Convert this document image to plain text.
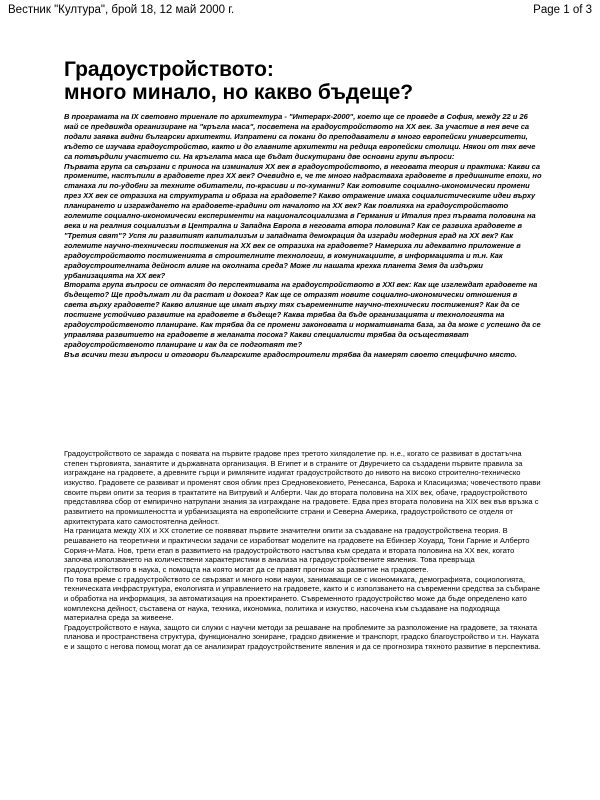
Вестник "Култура", брой 18, 12 май 2000 г.	Page 1 of 3
Градоустройството:
много минало, но какво бъдеще?

В програмата на IX световно триенале по архитектура - "Интерарх-2000", което ще се проведе в София, между 22 и 26 май се предвижда организиране на "кръгла маса", посветена на градоустройството на ХХ век. За участие в нея вече са подали заявка видни български архитекти. Изпратени са покани до преподаватели в много европейски университети, където се изучава градоустройство, както и до главните архитекти на редица европейски столици. Някои от тях вече са потвърдили участието си. На кръглата маса ще бъдат дискутирани две основни групи въпроси:

Първата група са свързани с приноса на изминалия ХХ век в градоустройството, в неговата теория и практика: Какви са промените, настъпили в градовете през ХХ век? Очевидно е, че те много надрастваха градовете в предишните епохи, но станаха ли по-удобни за техните обитатели, по-красиви и по-хуманни? Как готовите социално-икономически промени през ХХ век се отразиха на структурата и образа на градовете? Какво отражение имаха социалистическите идеи върху планирането и изграждането на градовете-градини от началото на ХХ век? Как повлияха на градоустройството големите социално-икономически експерименти на националсоциализма в Германия и Италия през първата половина на века и на реалния социализъм в Централна и Западна Европа в неговата втора половина? Как се развиха градовете в "Третия свят"? Успя ли развитият капитализъм и западната демокрация да изгради модерния град на ХХ век? Как големите научно-технически постижения на ХХ век се отразиха на градовете? Намериха ли адекватно приложение в градоустройството постиженията в строителните технологии, в комуникациите, в информацията и т.н. Как градоустроителната дейност влияе на околната среда? Може ли нашата крехка планета Земя да издържи урбанизацията на ХХ век?

Втората група въпроси се отнасят до перспективата на градоустройството в XXI век: Как ще изглеждат градовете на бъдещето? Ще продължат ли да растат и докога? Как ще се отразят новите социално-икономически отношения в света върху градовете? Какво влияние ще имат върху тях съвременните научно-технически постижения? Как да се постигне устойчиво развитие на градовете в бъдеще? Каква трябва да бъде организацията и технологията на градоустройственото планиране. Как трябва да се промени законовата и нормативната база, за да може с успешно да се управлява развитието на градовете в желаната посока? Какви специалисти трябва да осъществяват градоустройственото планиране и как да се подготвят те?

Във всички тези въпроси и отговори българските градостроители трябва да намерят своето специфично място.

Градоустройството се заражда с появата на първите градове през третото хилядолетие пр. н.е., когато се развиват в достатъчна степен търговията, занаятите и държавната организация. В Египет и в страните от Двуречието са създадени първите правила за изграждане на градовете, а древните гърци и римляните издигат градоустройството до нивото на високо строително-техническо изкуство. Градовете се развиват и променят своя облик през Средновековието, Ренесанса, Барока и Класицизма; човечеството прави своите първи опити за теория в трактатите на Витрувий и Алберти. Чак до втората половина на XIX век, обаче, градоустройството представлява сбор от емпирично натрупани знания за изграждане на градовете. Едва през втората половина на XIX век във връзка с развитието на промишлеността и урбанизацията на европейските страни и Северна Америка, градоустройството се отделя от архитектурата като самостоятелна дейност.

На границата между XIX и ХХ столетие се появяват първите значителни опити за създаване на градоустройствена теория. В решаването на теоретични и практически задачи се изработват моделите на градовете на Ебинзер Хоуард, Тони Гарние и Алберто Сория-и-Мата. Нов, трети етап в развитието на градоустройството настъпва към средата и втората половина на ХХ век, когато започва използването на количествени характеристики в анализа на градоустройствените явления. Това превръща градоустройството в наука, с помощта на която могат да се правят прогнози за развитие на градовете.

По това време с градоустройството се свързват и много нови науки, занимаващи се с икономиката, демографията, социологията, техническата инфраструктура, екологията и управлението на градовете, както и с използването на съвременни средства за събиране и обработка на информация, за автоматизация на проектирането. Съвременното градоустройство може да бъде определено като комплексна дейност, съставена от наука, техника, икономика, политика и изкуство, насочена към създаване на подходяща материална среда за живеене.

Градоустройството е наука, защото си служи с научни методи за решаване на проблемите за разположение на градовете, за тяхната планова и пространствена структура, функционално зониране, градско движение и транспорт, градско благоустройство и т.н. Науката е и защото с негова помощ могат да се анализират градоустройствените явления и да се прогнозира тяхното развитие в перспектива.
